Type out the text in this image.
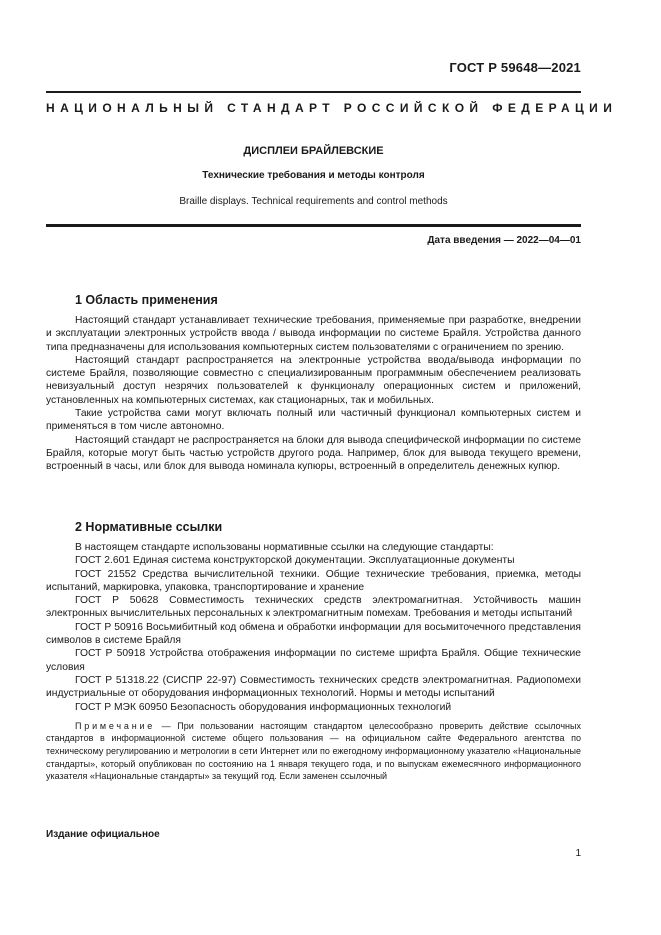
ГОСТ Р 59648—2021
НАЦИОНАЛЬНЫЙ СТАНДАРТ РОССИЙСКОЙ ФЕДЕРАЦИИ
ДИСПЛЕИ БРАЙЛЕВСКИЕ
Технические требования и методы контроля
Braille displays. Technical requirements and control methods
Дата введения — 2022—04—01
1 Область применения

Настоящий стандарт устанавливает технические требования, применяемые при разработке, внедрении и эксплуатации электронных устройств ввода / вывода информации по системе Брайля. Устройства данного типа предназначены для использования компьютерных систем пользователями с ограничением по зрению.

Настоящий стандарт распространяется на электронные устройства ввода/вывода информации по системе Брайля, позволяющие совместно с специализированным программным обеспечением реализовать невизуальный доступ незрячих пользователей к функционалу операционных систем и приложений, установленных на компьютерных системах, как стационарных, так и мобильных.

Такие устройства сами могут включать полный или частичный функционал компьютерных систем и применяться в том числе автономно.

Настоящий стандарт не распространяется на блоки для вывода специфической информации по системе Брайля, которые могут быть частью устройств другого рода. Например, блок для вывода текущего времени, встроенный в часы, или блок для вывода номинала купюры, встроенный в определитель денежных купюр.

2 Нормативные ссылки

В настоящем стандарте использованы нормативные ссылки на следующие стандарты:

ГОСТ 2.601 Единая система конструкторской документации. Эксплуатационные документы

ГОСТ 21552 Средства вычислительной техники. Общие технические требования, приемка, методы испытаний, маркировка, упаковка, транспортирование и хранение

ГОСТ Р 50628 Совместимость технических средств электромагнитная. Устойчивость машин электронных вычислительных персональных к электромагнитным помехам. Требования и методы испытаний

ГОСТ Р 50916 Восьмибитный код обмена и обработки информации для восьмиточечного представления символов в системе Брайля

ГОСТ Р 50918 Устройства отображения информации по системе шрифта Брайля. Общие технические условия

ГОСТ Р 51318.22 (СИСПР 22-97) Совместимость технических средств электромагнитная. Радиопомехи индустриальные от оборудования информационных технологий. Нормы и методы испытаний

ГОСТ Р МЭК 60950 Безопасность оборудования информационных технологий

Примечание — При пользовании настоящим стандартом целесообразно проверить действие ссылочных стандартов в информационной системе общего пользования — на официальном сайте Федерального агентства по техническому регулированию и метрологии в сети Интернет или по ежегодному информационному указателю «Национальные стандарты», который опубликован по состоянию на 1 января текущего года, и по выпускам ежемесячного информационного указателя «Национальные стандарты» за текущий год. Если заменен ссылочный

Издание официальное
1
